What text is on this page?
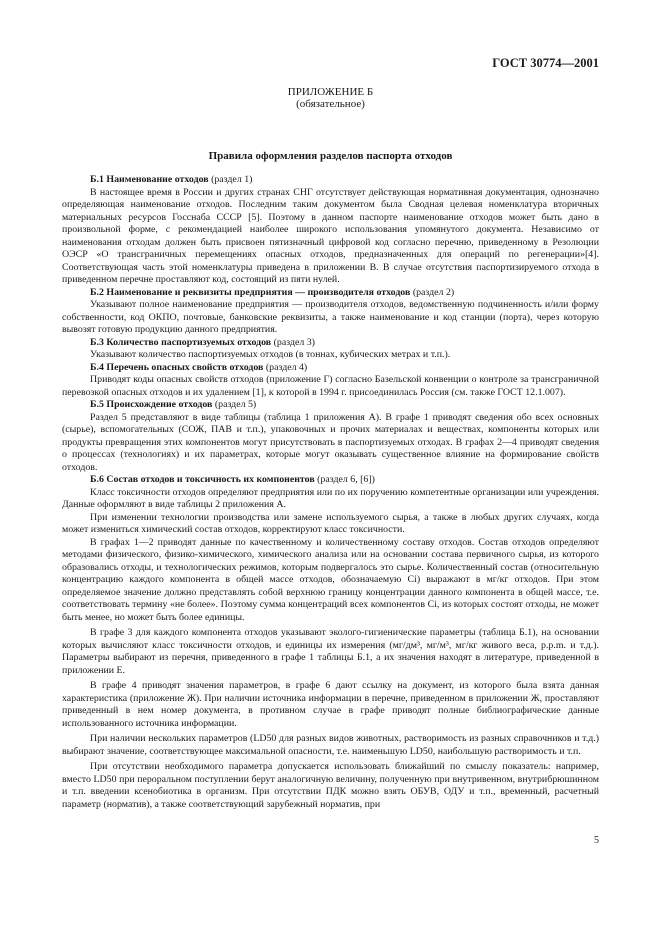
ГОСТ 30774—2001
ПРИЛОЖЕНИЕ Б
(обязательное)
Правила оформления разделов паспорта отходов

Б.1 Наименование отходов (раздел 1)

В настоящее время в России и других странах СНГ отсутствует действующая нормативная документация, однозначно определяющая наименование отходов. Последним таким документом была Сводная целевая номенклатура вторичных материальных ресурсов Госснаба СССР [5]. Поэтому в данном паспорте наименование отходов может быть дано в произвольной форме, с рекомендацией наиболее широкого использования упомянутого документа. Независимо от наименования отходам должен быть присвоен пятизначный цифровой код согласно перечню, приведенному в Резолюции ОЭСР «О трансграничных перемещениях опасных отходов, предназначенных для операций по регенерации»[4]. Соответствующая часть этой номенклатуры приведена в приложении В. В случае отсутствия паспортизируемого отхода в приведенном перечне проставляют код, состоящий из пяти нулей.

Б.2 Наименование и реквизиты предприятия — производителя отходов (раздел 2)

Указывают полное наименование предприятия — производителя отходов, ведомственную подчиненность и/или форму собственности, код ОКПО, почтовые, банковские реквизиты, а также наименование и код станции (порта), через которую вывозят готовую продукцию данного предприятия.

Б.3 Количество паспортизуемых отходов (раздел 3)

Указывают количество паспортизуемых отходов (в тоннах, кубических метрах и т.п.).

Б.4 Перечень опасных свойств отходов (раздел 4)

Приводят коды опасных свойств отходов (приложение Г) согласно Базельской конвенции о контроле за трансграничной перевозкой опасных отходов и их удалением [1], к которой в 1994 г. присоединилась Россия (см. также ГОСТ 12.1.007).

Б.5 Происхождение отходов (раздел 5)

Раздел 5 представляют в виде таблицы (таблица 1 приложения А). В графе 1 приводят сведения обо всех основных (сырье), вспомогательных (СОЖ, ПАВ и т.п.), упаковочных и прочих материалах и веществах, компоненты которых или продукты превращения этих компонентов могут присутствовать в паспортизуемых отходах. В графах 2—4 приводят сведения о процессах (технологиях) и их параметрах, которые могут оказывать существенное влияние на формирование свойств отходов.

Б.6 Состав отходов и токсичность их компонентов (раздел 6, [6])

Класс токсичности отходов определяют предприятия или по их поручению компетентные организации или учреждения. Данные оформляют в виде таблицы 2 приложения А.

При изменении технологии производства или замене используемого сырья, а также в любых других случаях, когда может измениться химический состав отходов, корректируют класс токсичности.

В графах 1—2 приводят данные по качественному и количественному составу отходов. Состав отходов определяют методами физического, физико-химического, химического анализа или на основании состава первичного сырья, из которого образовались отходы, и технологических режимов, которым подвергалось это сырье. Количественный состав (относительную концентрацию каждого компонента в общей массе отходов, обозначаемую Ci) выражают в мг/кг отходов. При этом определяемое значение должно представлять собой верхнюю границу концентрации данного компонента в общей массе, т.е. соответствовать термину «не более». Поэтому сумма концентраций всех компонентов Ci, из которых состоят отходы, не может быть менее, но может быть более единицы.

В графе 3 для каждого компонента отходов указывают эколого-гигиенические параметры (таблица Б.1), на основании которых вычисляют класс токсичности отходов, и единицы их измерения (мг/дм³, мг/м³, мг/кг живого веса, р.р.m. и т.д.). Параметры выбирают из перечня, приведенного в графе 1 таблицы Б.1, а их значения находят в литературе, приведенной в приложении Е.

В графе 4 приводят значения параметров, в графе 6 дают ссылку на документ, из которого была взята данная характеристика (приложение Ж). При наличии источника информации в перечне, приведенном в приложении Ж, проставляют приведенный в нем номер документа, в противном случае в графе приводят полные библиографические данные использованного источника информации.

При наличии нескольких параметров (LD50 для разных видов животных, растворимость из разных справочников и т.д.) выбирают значение, соответствующее максимальной опасности, т.е. наименьшую LD50, наибольшую растворимость и т.п.

При отсутствии необходимого параметра допускается использовать ближайший по смыслу показатель: например, вместо LD50 при пероральном поступлении берут аналогичную величину, полученную при внутривенном, внутрибрюшинном и т.п. введении ксенобиотика в организм. При отсутствии ПДК можно взять ОБУВ, ОДУ и т.п., временный, расчетный параметр (норматив), а также соответствующий зарубежный норматив, при

5
